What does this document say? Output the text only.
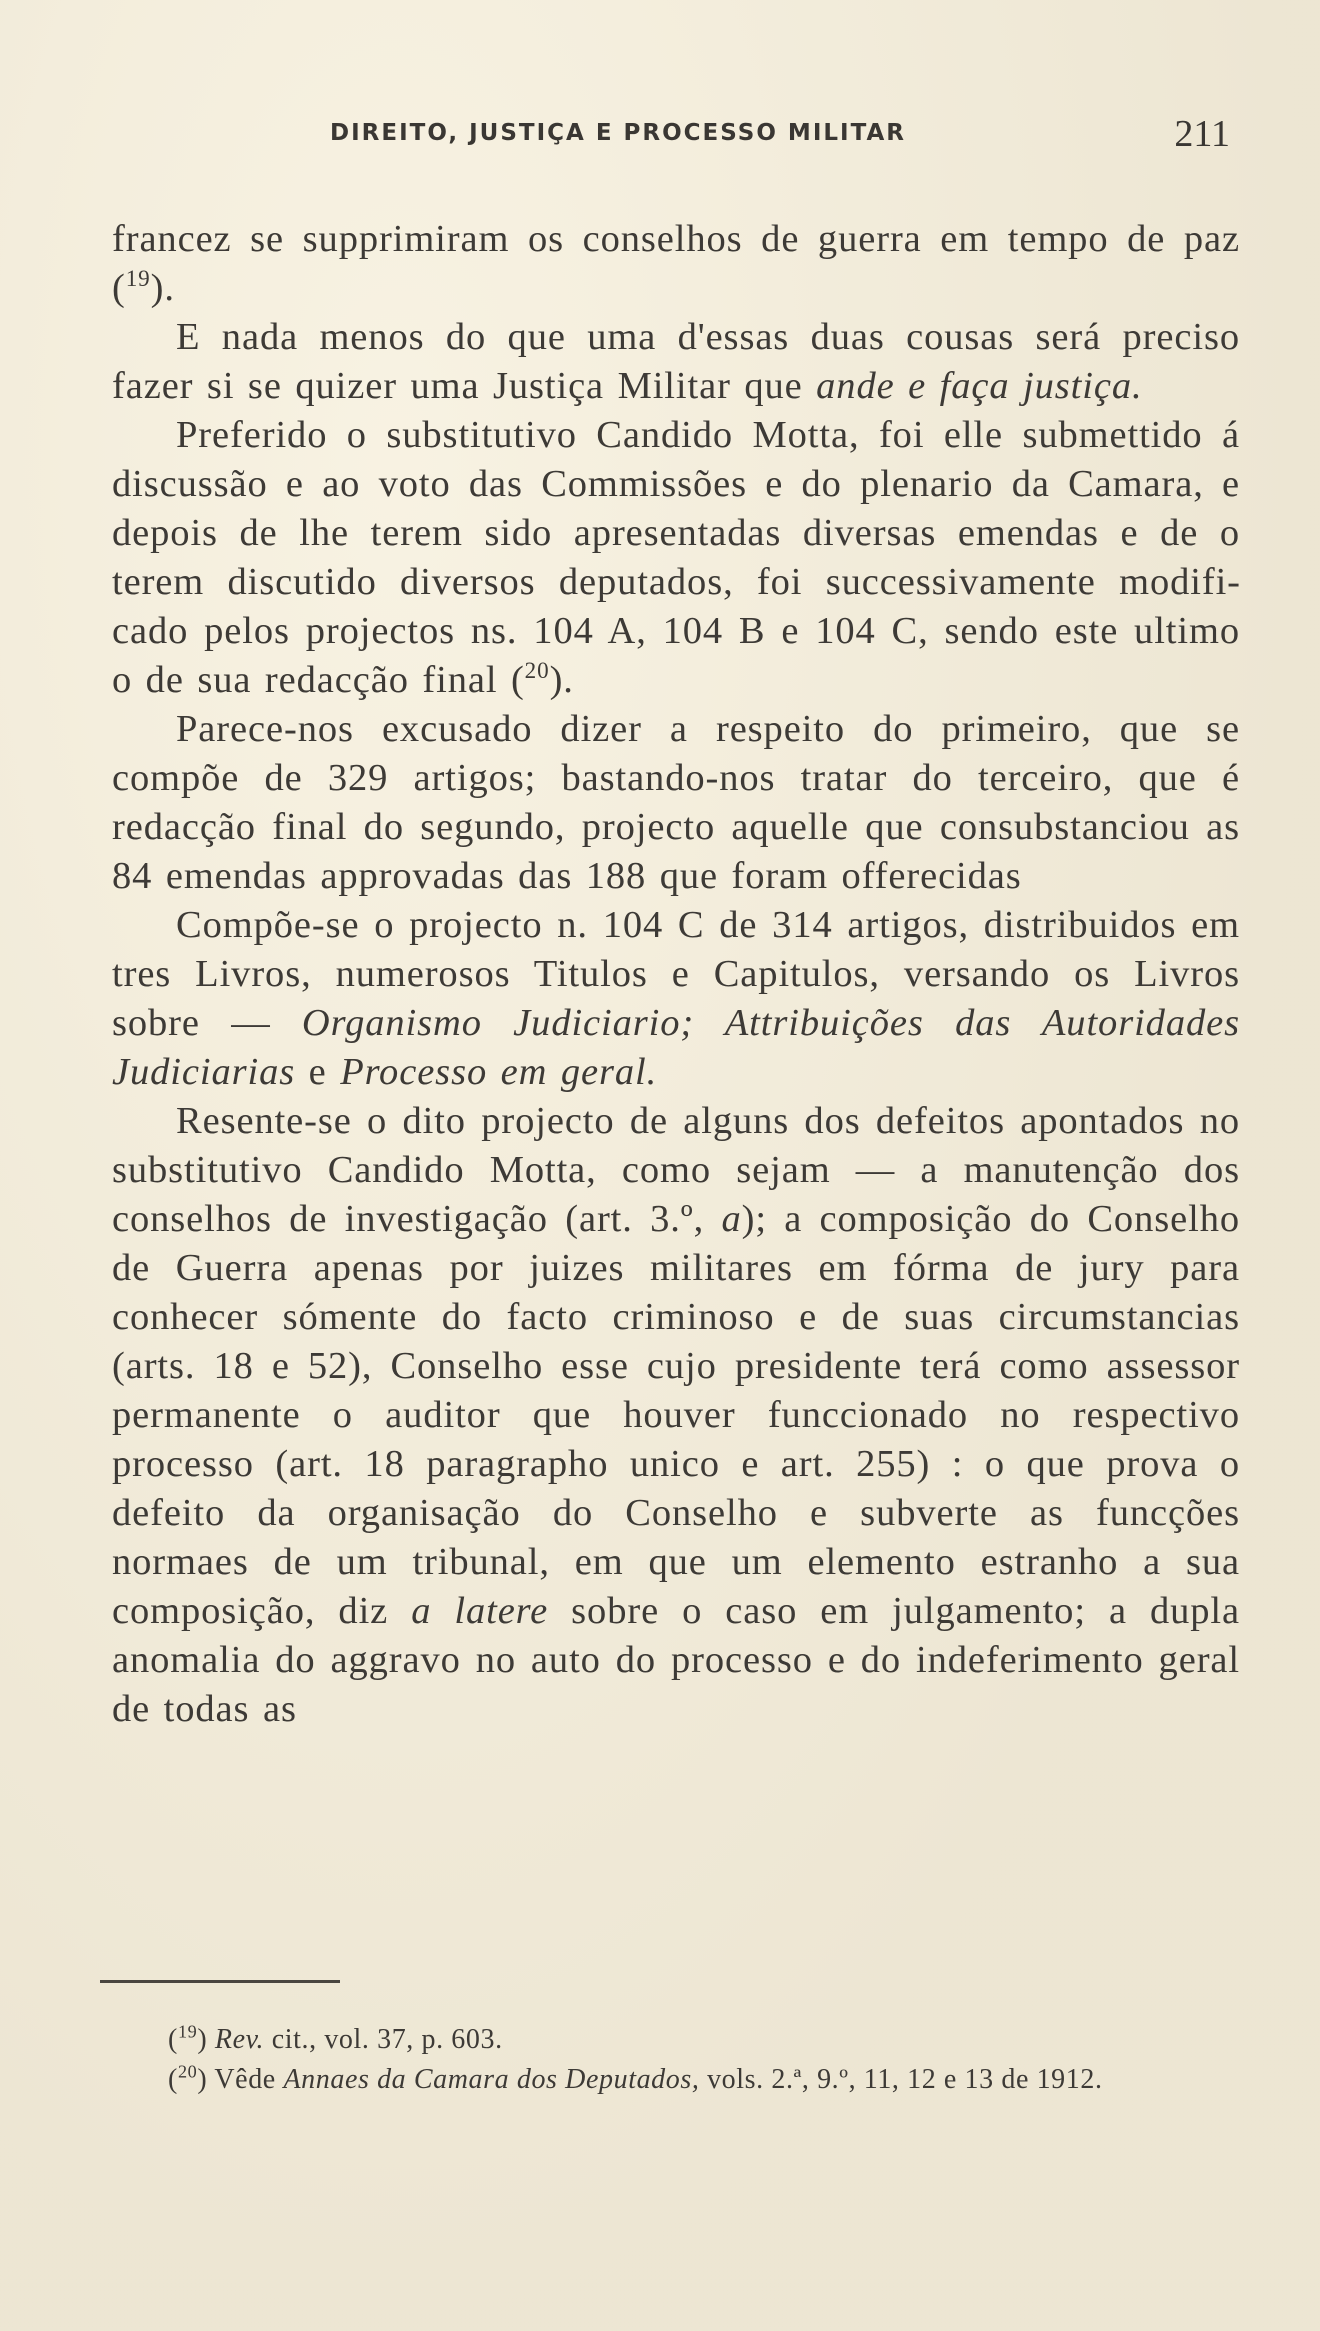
DIREITO, JUSTIÇA E PROCESSO MILITAR	211

francez se supprimiram os conselhos de guerra em tempo de paz ($^{19}$).

E nada menos do que uma d'essas duas cousas será preciso fazer si se quizer uma Justiça Militar que ande e faça justiça.

Preferido o substitutivo Candido Motta, foi elle submettido á discussão e ao voto das Commissões e do plenario da Camara, e depois de lhe terem sido apresentadas diversas emendas e de o terem discutido diversos deputados, foi successivamente modificado pelos projectos ns. 104 A, 104 B e 104 C, sendo este ultimo o de sua redacção final ($^{20}$).

Parece-nos excusado dizer a respeito do primeiro, que se compõe de 329 artigos; bastando-nos tratar do terceiro, que é redacção final do segundo, projecto aquelle que consubstanciou as 84 emendas approvadas das 188 que foram offerecidas

Compõe-se o projecto n. 104 C de 314 artigos, distribuidos em tres Livros, numerosos Titulos e Capitulos, versando os Livros sobre — Organismo Judiciario; Attribuições das Autoridades Judiciarias e Processo em geral.

Resente-se o dito projecto de alguns dos defeitos apontados no substitutivo Candido Motta, como sejam — a manutenção dos conselhos de investigação (art. 3.º, a); a composição do Conselho de Guerra apenas por juizes militares em fórma de jury para conhecer sómente do facto criminoso e de suas circumstancias (arts. 18 e 52), Conselho esse cujo presidente terá como assessor permanente o auditor que houver funccionado no respectivo processo (art. 18 paragrapho unico e art. 255) : o que prova o defeito da organisação do Conselho e subverte as funcções normaes de um tribunal, em que um elemento estranho a sua composição, diz a latere sobre o caso em julgamento; a dupla anomalia do aggravo no auto do processo e do indeferimento geral de todas as

($^{19}$) Rev. cit., vol. 37, p. 603.

($^{20}$) Vêde Annaes da Camara dos Deputados, vols. 2.ª, 9.º, 11, 12 e 13 de 1912.
